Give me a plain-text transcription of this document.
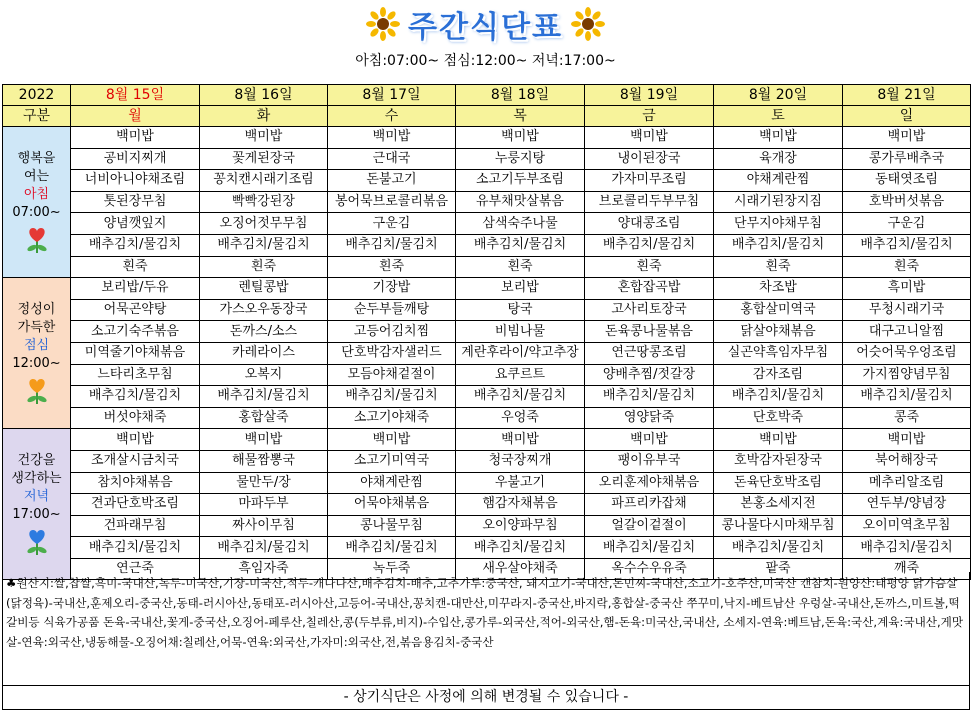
주간식단표
아침:07:00~ 점심:12:00~ 저녁:17:00~
2022	8월 15일	8월 16일	8월 17일	8월 18일	8월 19일	8월 20일	8월 21일
구분	월	화	수	목	금	토	일

행복을
여는
아침
07:00~	백미밥	백미밥	백미밥	백미밥	백미밥	백미밥	백미밥
	공비지찌개	꽃게된장국	근대국	누룽지탕	냉이된장국	육개장	콩가루배추국
	너비아니야채조림	꽁치캔시래기조림	돈불고기	소고기두부조림	가자미무조림	야채계란찜	동태엿조림
	톳된장무침	빡빡강된장	봉어묵브로콜리볶음	유부채맛살볶음	브로콜리두부무침	시래기된장지짐	호박버섯볶음
	양념깻잎지	오징어젓무무침	구운김	삼색숙주나물	양대콩조림	단무지야채무침	구운김
	배추김치/물김치	배추김치/물김치	배추김치/물김치	배추김치/물김치	배추김치/물김치	배추김치/물김치	배추김치/물김치
	흰죽	흰죽	흰죽	흰죽	흰죽	흰죽	흰죽

정성이
가득한
점심
12:00~	보리밥/두유	렌틸콩밥	기장밥	보리밥	혼합잡곡밥	차조밥	흑미밥
	어묵곤약탕	가스오우동장국	순두부들깨탕	탕국	고사리토장국	홍합살미역국	무청시래기국
	소고기숙주볶음	돈까스/소스	고등어김치찜	비빔나물	돈육콩나물볶음	닭살야채볶음	대구고니알찜
	미역줄기야채볶음	카레라이스	단호박감자샐러드	계란후라이/약고추장	연근땅콩조림	실곤약흑임자무침	어슷어묵우엉조림
	느타리초무침	오복지	모듬야채겉절이	요쿠르트	양배추찜/젓갈장	감자조림	가지찜양념무침
	배추김치/물김치	배추김치/물김치	배추김치/물김치	배추김치/물김치	배추김치/물김치	배추김치/물김치	배추김치/물김치
	버섯야채죽	홍합살죽	소고기야채죽	우엉죽	영양닭죽	단호박죽	콩죽

건강을
생각하는
저녁
17:00~	백미밥	백미밥	백미밥	백미밥	백미밥	백미밥	백미밥
	조개살시금치국	해물짬뽕국	소고기미역국	청국장찌개	팽이유부국	호박감자된장국	북어해장국
	참치야채볶음	물만두/장	야채계란찜	우불고기	오리훈제야채볶음	돈육단호박조림	메추리알조림
	견과단호박조림	마파두부	어묵야채볶음	햄감자채볶음	파프리카잡채	본홍소세지전	연두부/양념장
	건파래무침	짜사이무침	콩나물무침	오이양파무침	얼갈이겉절이	콩나물다시마채무침	오이미역초무침
	배추김치/물김치	배추김치/물김치	배추김치/물김치	배추김치/물김치	배추김치/물김치	배추김치/물김치	배추김치/물김치
	연근죽	흑임자죽	녹두죽	새우살야채죽	옥수수우유죽	팥죽	깨죽
♣원산지:쌀,찹쌀,흑미-국내산,녹두-미국산,기장-미국산,적두-캐나다산,배추김치-배추,고추가루:중국산, 돼지고기-국내산,돈민찌-국내산,소고기-호주산,미국산 캔참치-원양산:태평양 닭가슴살(닭정육)-국내산,훈제오리-중국산,동태-러시아산,동태포-러시아산,고등어-국내산,꽁치캔-대만산,미꾸라지-중국산,바지락,홍합살-중국산 쭈꾸미,낙지-베트남산 우렁살-국내산,돈까스,미트볼,떡갈비등 식육가공품 돈육-국내산,꽃게-중국산,오징어-페루산,칠레산,콩(두부류,비지)-수입산,콩가루-외국산,적어-외국산,햄-돈육:미국산,국내산, 소세지-연육:베트남,돈육:국산,계육:국내산,게맛살-연육:외국산,냉동해물-오징어채:칠레산,어묵-연육:외국산,가자미:외국산,전,볶음용김치-중국산
- 상기식단은 사정에 의해 변경될 수 있습니다 -
